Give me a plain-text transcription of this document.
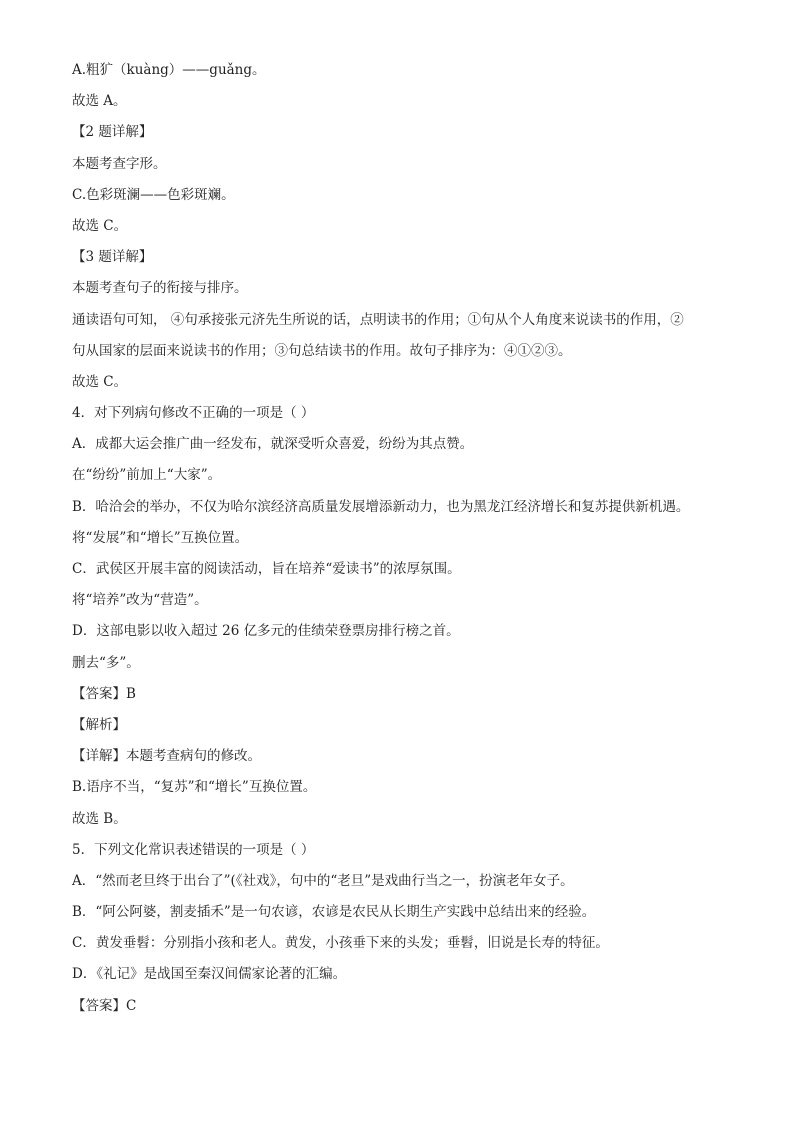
A.粗犷（kuàng）——guǎng。
故选 A。
【2 题详解】
本题考查字形。
C.色彩斑澜——色彩斑斓。
故选 C。
【3 题详解】
本题考查句子的衔接与排序。
通读语句可知， ④句承接张元济先生所说的话，点明读书的作用；①句从个人角度来说读书的作用，②
句从国家的层面来说读书的作用；③句总结读书的作用。故句子排序为：④①②③。
故选 C。
4．对下列病句修改不正确的一项是（ ）
A．成都大运会推广曲一经发布，就深受听众喜爱，纷纷为其点赞。
在“纷纷”前加上“大家”。
B．哈洽会的举办，不仅为哈尔滨经济高质量发展增添新动力，也为黑龙江经济增长和复苏提供新机遇。
将“发展”和“增长”互换位置。
C．武侯区开展丰富的阅读活动，旨在培养“爱读书”的浓厚氛围。
将“培养”改为“营造”。
D．这部电影以收入超过 26 亿多元的佳绩荣登票房排行榜之首。
删去“多”。
【答案】B
【解析】
【详解】本题考查病句的修改。
B.语序不当，“复苏”和“增长”互换位置。
故选 B。
5．下列文化常识表述错误的一项是（ ）
A．“然而老旦终于出台了”(《社戏》，句中的“老旦”是戏曲行当之一，扮演老年女子。
B．“阿公阿婆，割麦插禾”是一句农谚，农谚是农民从长期生产实践中总结出来的经验。
C．黄发垂髫：分别指小孩和老人。黄发，小孩垂下来的头发；垂髫，旧说是长寿的特征。
D．《礼记》是战国至秦汉间儒家论著的汇编。
【答案】C
